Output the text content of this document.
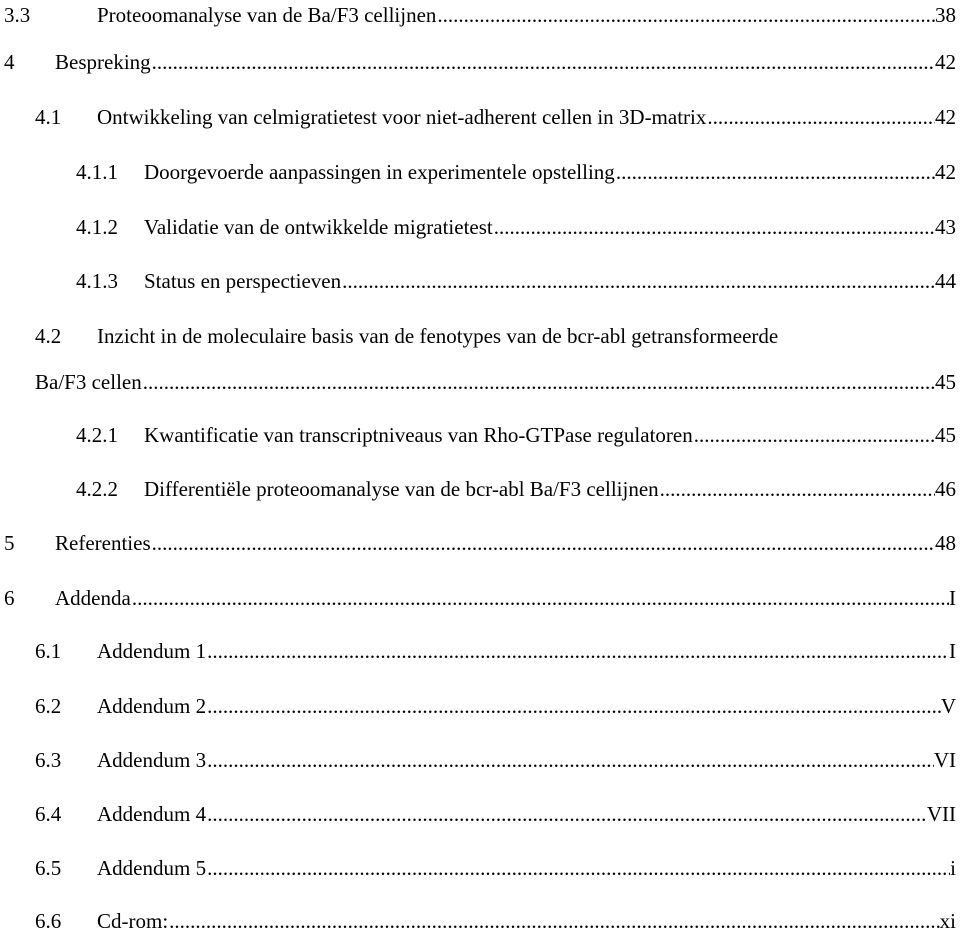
3.3	Proteoomanalyse van de Ba/F3 cellijnen .....	38
4 Bespreking .....	42
4.1 Ontwikkeling van celmigratietest voor niet-adherent cellen in 3D-matrix .....	42
4.1.1 Doorgevoerde aanpassingen in experimentele opstelling .....	42
4.1.2 Validatie van de ontwikkelde migratietest .....	43
4.1.3 Status en perspectieven .....	44
4.2 Inzicht in de moleculaire basis van de fenotypes van de bcr-abl getransformeerde
Ba/F3 cellen .....	45
4.2.1 Kwantificatie van transcriptniveaus van Rho-GTPase regulatoren .....	45
4.2.2 Differentiële proteoomanalyse van de bcr-abl Ba/F3 cellijnen .....	46
5 Referenties .....	48
6 Addenda .....	I
6.1 Addendum 1 .....	I
6.2 Addendum 2 .....	V
6.3 Addendum 3 .....	VI
6.4 Addendum 4 .....	VII
6.5 Addendum 5 .....	i
6.6 Cd-rom: .....	xi
